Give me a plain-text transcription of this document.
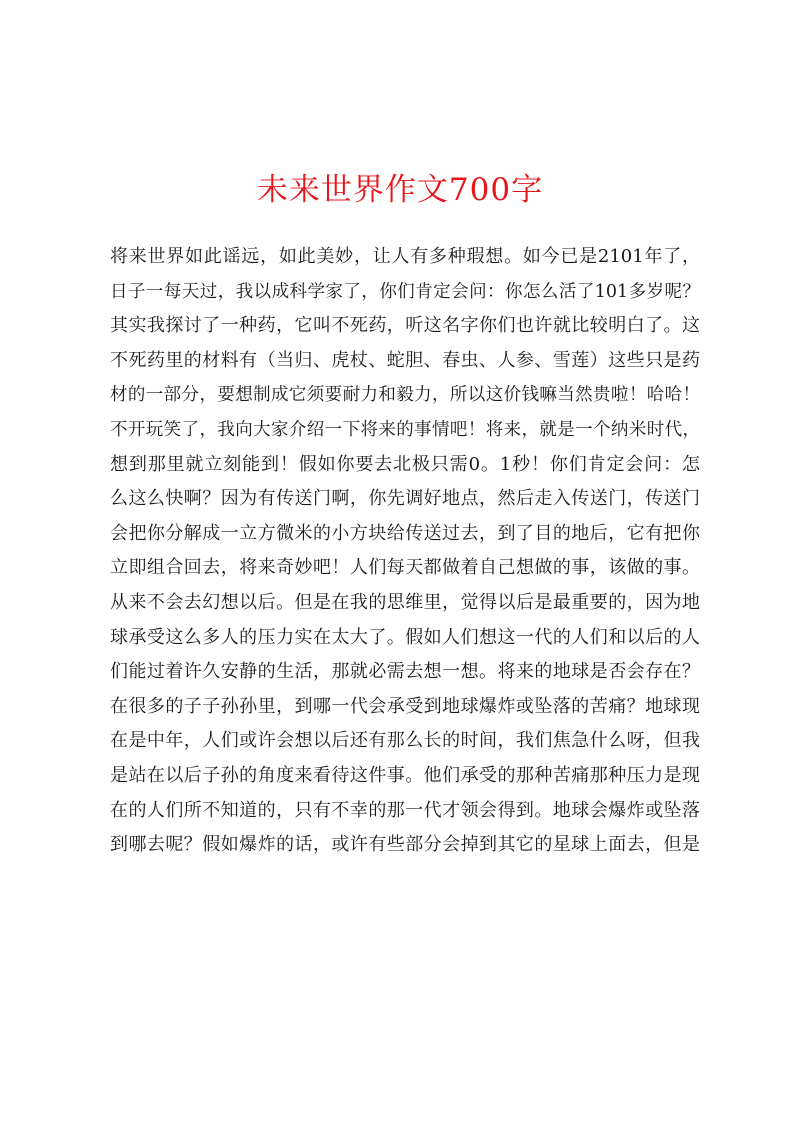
未来世界作文700字
将来世界如此谣远，如此美妙，让人有多种瑕想。如今已是2101年了，
日子一每天过，我以成科学家了，你们肯定会问：你怎么活了101多岁呢？
其实我探讨了一种药，它叫不死药，听这名字你们也许就比较明白了。这
不死药里的材料有（当归、虎杖、蛇胆、春虫、人参、雪莲）这些只是药
材的一部分，要想制成它须要耐力和毅力，所以这价钱嘛当然贵啦！哈哈！
不开玩笑了，我向大家介绍一下将来的事情吧！将来，就是一个纳米时代，
想到那里就立刻能到！假如你要去北极只需0。1秒！你们肯定会问：怎
么这么快啊？因为有传送门啊，你先调好地点，然后走入传送门，传送门
会把你分解成一立方微米的小方块给传送过去，到了目的地后，它有把你
立即组合回去，将来奇妙吧！人们每天都做着自己想做的事，该做的事。
从来不会去幻想以后。但是在我的思维里，觉得以后是最重要的，因为地
球承受这么多人的压力实在太大了。假如人们想这一代的人们和以后的人
们能过着许久安静的生活，那就必需去想一想。将来的地球是否会存在？
在很多的子子孙孙里，到哪一代会承受到地球爆炸或坠落的苦痛？地球现
在是中年，人们或许会想以后还有那么长的时间，我们焦急什么呀，但我
是站在以后子孙的角度来看待这件事。他们承受的那种苦痛那种压力是现
在的人们所不知道的，只有不幸的那一代才领会得到。地球会爆炸或坠落
到哪去呢？假如爆炸的话，或许有些部分会掉到其它的星球上面去，但是
